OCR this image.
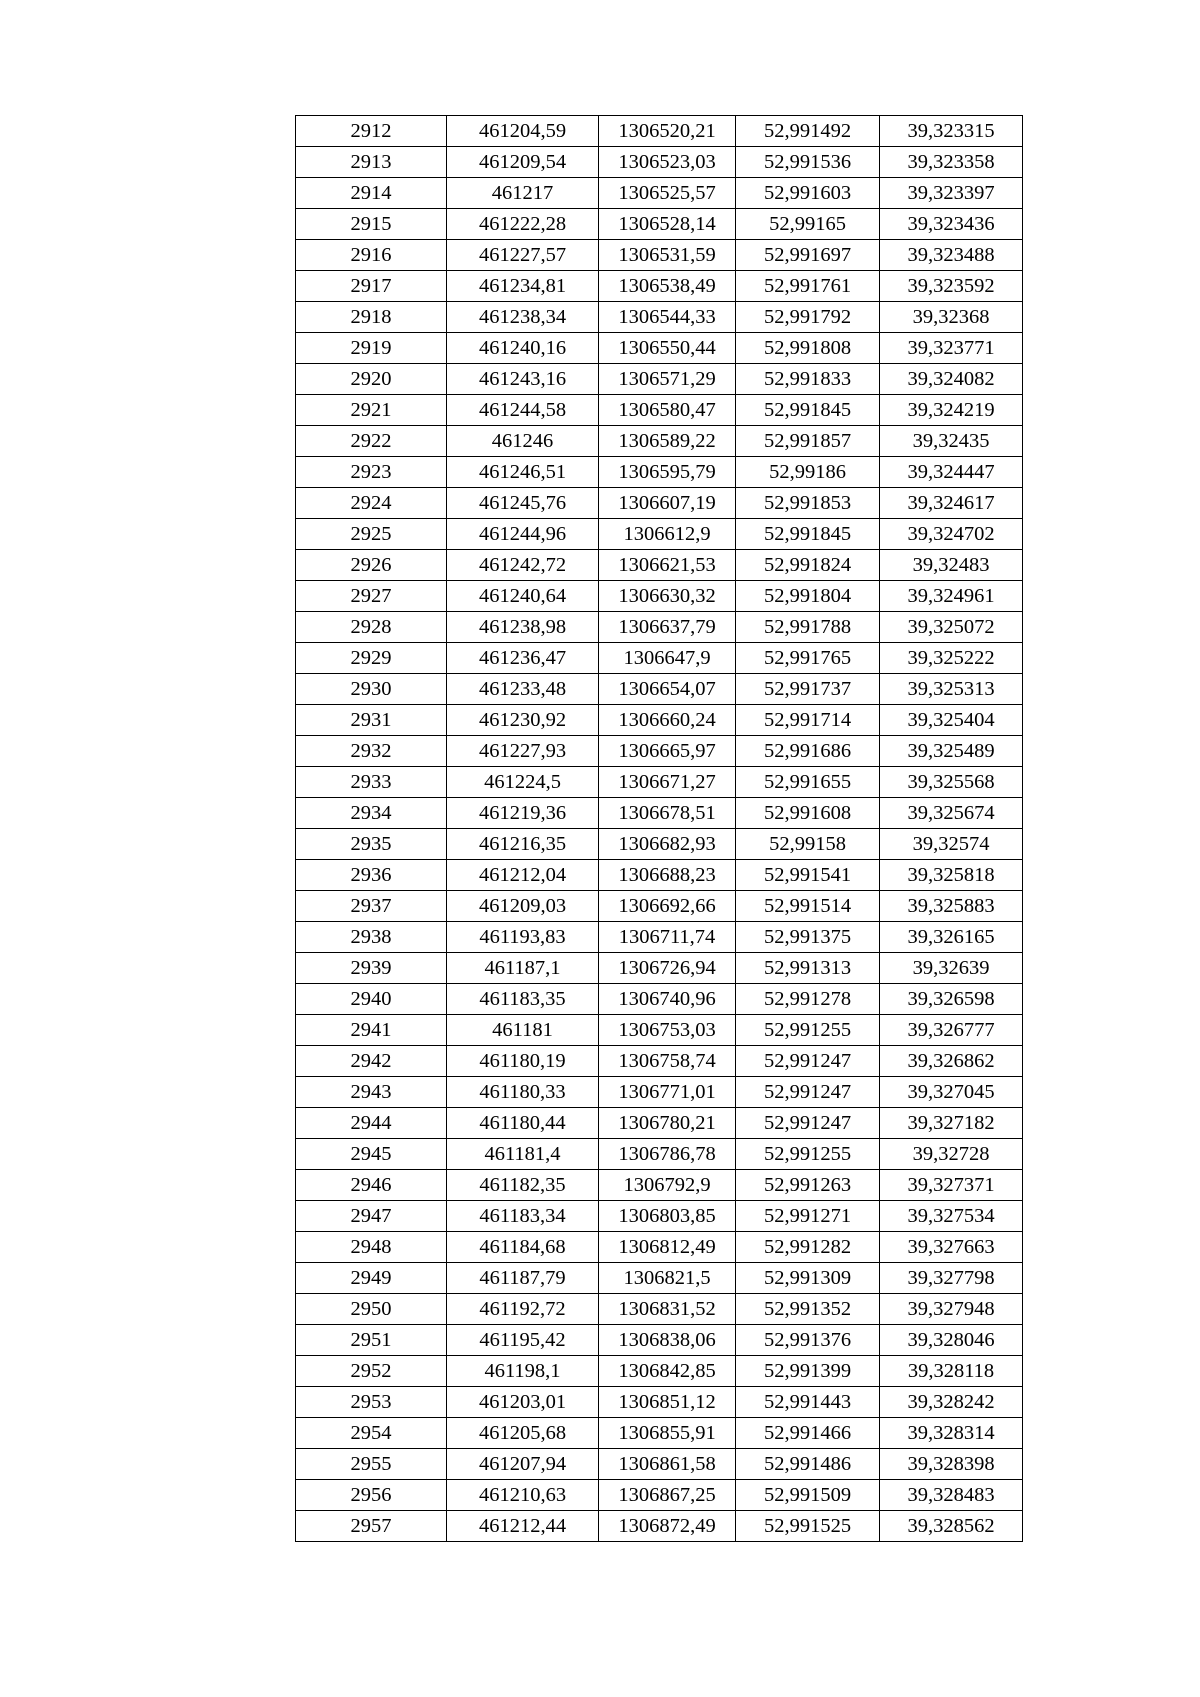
2912	461204,59	1306520,21	52,991492	39,323315
2913	461209,54	1306523,03	52,991536	39,323358
2914	461217	1306525,57	52,991603	39,323397
2915	461222,28	1306528,14	52,99165	39,323436
2916	461227,57	1306531,59	52,991697	39,323488
2917	461234,81	1306538,49	52,991761	39,323592
2918	461238,34	1306544,33	52,991792	39,32368
2919	461240,16	1306550,44	52,991808	39,323771
2920	461243,16	1306571,29	52,991833	39,324082
2921	461244,58	1306580,47	52,991845	39,324219
2922	461246	1306589,22	52,991857	39,32435
2923	461246,51	1306595,79	52,99186	39,324447
2924	461245,76	1306607,19	52,991853	39,324617
2925	461244,96	1306612,9	52,991845	39,324702
2926	461242,72	1306621,53	52,991824	39,32483
2927	461240,64	1306630,32	52,991804	39,324961
2928	461238,98	1306637,79	52,991788	39,325072
2929	461236,47	1306647,9	52,991765	39,325222
2930	461233,48	1306654,07	52,991737	39,325313
2931	461230,92	1306660,24	52,991714	39,325404
2932	461227,93	1306665,97	52,991686	39,325489
2933	461224,5	1306671,27	52,991655	39,325568
2934	461219,36	1306678,51	52,991608	39,325674
2935	461216,35	1306682,93	52,99158	39,32574
2936	461212,04	1306688,23	52,991541	39,325818
2937	461209,03	1306692,66	52,991514	39,325883
2938	461193,83	1306711,74	52,991375	39,326165
2939	461187,1	1306726,94	52,991313	39,32639
2940	461183,35	1306740,96	52,991278	39,326598
2941	461181	1306753,03	52,991255	39,326777
2942	461180,19	1306758,74	52,991247	39,326862
2943	461180,33	1306771,01	52,991247	39,327045
2944	461180,44	1306780,21	52,991247	39,327182
2945	461181,4	1306786,78	52,991255	39,32728
2946	461182,35	1306792,9	52,991263	39,327371
2947	461183,34	1306803,85	52,991271	39,327534
2948	461184,68	1306812,49	52,991282	39,327663
2949	461187,79	1306821,5	52,991309	39,327798
2950	461192,72	1306831,52	52,991352	39,327948
2951	461195,42	1306838,06	52,991376	39,328046
2952	461198,1	1306842,85	52,991399	39,328118
2953	461203,01	1306851,12	52,991443	39,328242
2954	461205,68	1306855,91	52,991466	39,328314
2955	461207,94	1306861,58	52,991486	39,328398
2956	461210,63	1306867,25	52,991509	39,328483
2957	461212,44	1306872,49	52,991525	39,328562
